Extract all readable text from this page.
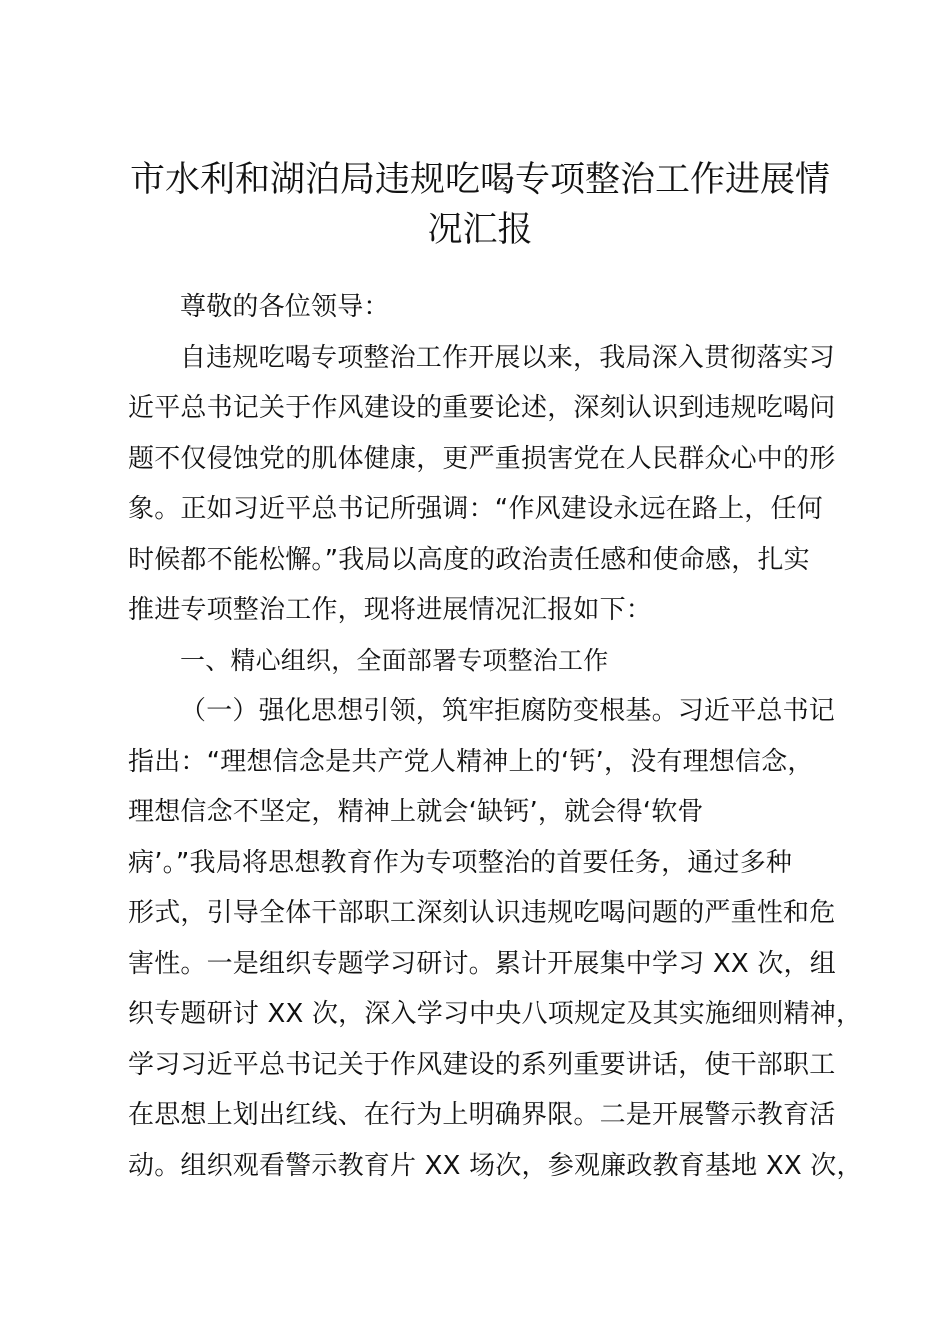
市水利和湖泊局违规吃喝专项整治工作进展情
况汇报
尊敬的各位领导：
自违规吃喝专项整治工作开展以来，我局深入贯彻落实习
近平总书记关于作风建设的重要论述，深刻认识到违规吃喝问
题不仅侵蚀党的肌体健康，更严重损害党在人民群众心中的形
象。正如习近平总书记所强调：“作风建设永远在路上，任何
时候都不能松懈。”我局以高度的政治责任感和使命感，扎实
推进专项整治工作，现将进展情况汇报如下：
一、精心组织，全面部署专项整治工作
（一）强化思想引领，筑牢拒腐防变根基。习近平总书记
指出：“理想信念是共产党人精神上的‘钙’，没有理想信念，
理想信念不坚定，精神上就会‘缺钙’，就会得‘软骨
病’。”我局将思想教育作为专项整治的首要任务，通过多种
形式，引导全体干部职工深刻认识违规吃喝问题的严重性和危
害性。一是组织专题学习研讨。累计开展集中学习 XX 次，组
织专题研讨 XX 次，深入学习中央八项规定及其实施细则精神，
学习习近平总书记关于作风建设的系列重要讲话，使干部职工
在思想上划出红线、在行为上明确界限。二是开展警示教育活
动。组织观看警示教育片 XX 场次，参观廉政教育基地 XX 次，
